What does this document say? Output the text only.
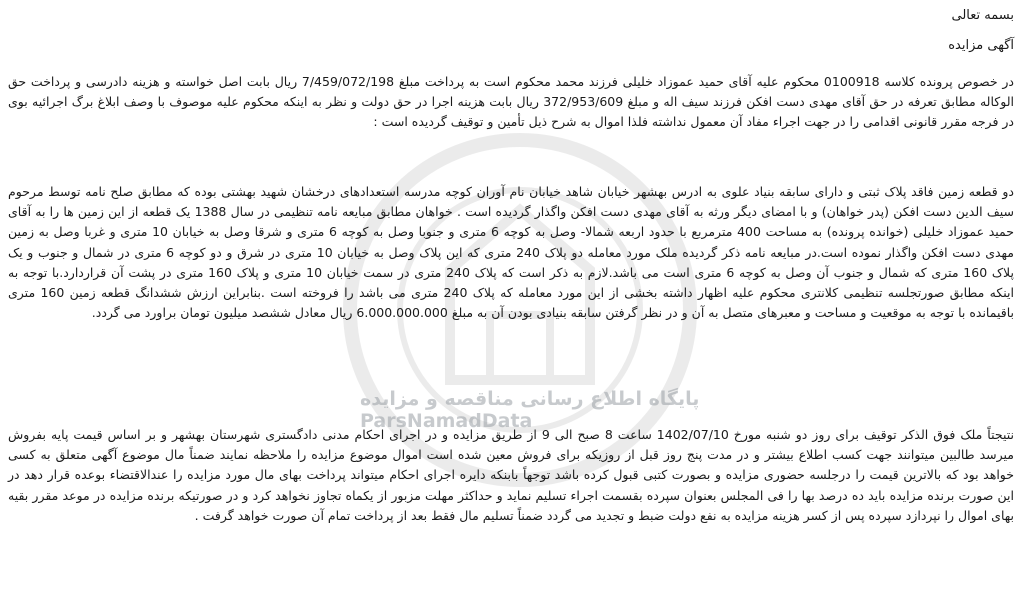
پایگاه اطلاع رسانی مناقصه و مزایده
ParsNamadData

بسمه تعالی

آگهی مزایده

در خصوص پرونده کلاسه 0100918 محکوم علیه آقای حمید عموزاد خلیلی فرزند محمد محکوم است به پرداخت مبلغ 7/459/072/198 ریال بابت اصل خواسته و هزینه دادرسی و پرداخت حق الوکاله مطابق تعرفه در حق آقای مهدی دست افکن فرزند سیف اله و مبلغ 372/953/609 ریال بابت هزینه اجرا در حق دولت و نظر به اینکه محکوم علیه موصوف با وصف ابلاغ برگ اجرائیه بوی در فرجه مقرر قانونی اقدامی را در جهت اجراء مفاد آن معمول نداشته فلذا اموال به شرح ذیل تأمین و توقیف گردیده است :

دو قطعه زمین فاقد پلاک ثبتی و دارای سابقه بنیاد علوی به ادرس بهشهر خیابان شاهد خیابان نام آوران کوچه مدرسه استعدادهای درخشان شهید بهشتی بوده که مطابق صلح نامه توسط مرحوم سیف الدین دست افکن (پدر خواهان) و با امضای دیگر ورثه به آقای مهدی دست افکن واگذار گردیده است . خواهان مطابق مبایعه نامه تنظیمی در سال 1388 یک قطعه از این زمین ها را به آقای حمید عموزاد خلیلی (خوانده پرونده) به مساحت 400 مترمربع با حدود اربعه شمالا- وصل به کوچه 6 متری و جنوبا وصل به کوچه 6 متری و شرقا وصل به خیابان 10 متری و غربا وصل به زمین مهدی دست افکن واگذار نموده است.در مبایعه نامه ذکر گردیده ملک مورد معامله دو پلاک 240 متری که این پلاک وصل به خیابان 10 متری در شرق و دو کوچه 6 متری در شمال و جنوب و یک پلاک 160 متری که شمال و جنوب آن وصل به کوچه 6 متری است می باشد.لازم به ذکر است که پلاک 240 متری در سمت خیابان 10 متری و پلاک 160 متری در پشت آن قراردارد.با توجه به اینکه مطابق صورتجلسه تنظیمی کلانتری محکوم علیه اظهار داشته بخشی از این مورد معامله که پلاک 240 متری می باشد را فروخته است .بنابراین ارزش ششدانگ قطعه زمین 160 متری باقیمانده با توجه به موقعیت و مساحت و معبرهای متصل به آن و در نظر گرفتن سابقه بنیادی بودن آن به مبلغ 6.000.000.000 ریال معادل ششصد میلیون تومان براورد می گردد.

نتیجتاً ملک فوق الذکر توقیف برای روز دو شنبه مورخ 1402/07/10 ساعت 8 صبح الی 9 از طریق مزایده و در اجرای احکام مدنی دادگستری شهرستان بهشهر و بر اساس قیمت پایه بفروش میرسد طالبین میتوانند جهت کسب اطلاع بیشتر و در مدت پنج روز قبل از روزیکه برای فروش معین شده است اموال موضوع مزایده را ملاحظه نمایند ضمناً مال موضوع آگهی متعلق به کسی خواهد بود که بالاترین قیمت را درجلسه حضوری مزایده و بصورت کتبی قبول کرده باشد توجهاً بابنکه دایره اجرای احکام میتواند پرداخت بهای مال مورد مزایده را عندالاقتضاء بوعده قرار دهد در این صورت برنده مزایده باید ده درصد بها را فی المجلس بعنوان سپرده بقسمت اجراء تسلیم نماید و حداکثر مهلت مزبور از یکماه تجاوز نخواهد کرد و در صورتیکه برنده مزایده در موعد مقرر بقیه بهای اموال را نپردازد سپرده پس از کسر هزینه مزایده به نفع دولت ضبط و تجدید می گردد ضمناً تسلیم مال فقط بعد از پرداخت تمام آن صورت خواهد گرفت .
